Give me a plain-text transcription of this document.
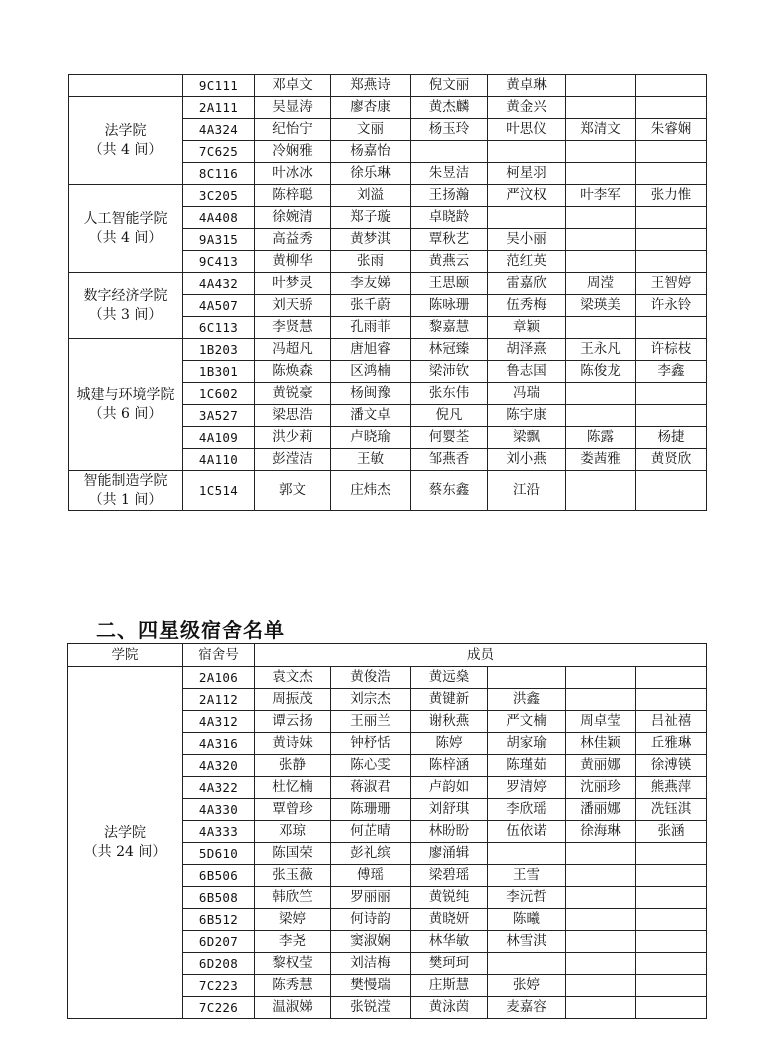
	9C111	邓卓文	郑燕诗	倪文丽	黄卓琳		

法学院
（共 4 间）	2A111	吴显涛	廖杏康	黄杰麟	黄金兴		
	4A324	纪怡宁	文丽	杨玉玲	叶思仪	郑清文	朱睿娴
	7C625	冷娴雅	杨嘉怡				
	8C116	叶冰冰	徐乐琳	朱昱洁	柯星羽		

人工智能学院
（共 4 间）	3C205	陈梓聪	刘溢	王扬瀚	严汶权	叶李军	张力惟
	4A408	徐婉清	郑子璇	卓晓龄			
	9A315	高益秀	黄梦淇	覃秋艺	吴小丽		
	9C413	黄柳华	张雨	黄燕云	范红英		

数字经济学院
（共 3 间）	4A432	叶梦灵	李友娣	王思颐	雷嘉欣	周滢	王智婷
	4A507	刘天骄	张千蔚	陈咏珊	伍秀梅	梁瑛美	许永铃
	6C113	李贤慧	孔雨菲	黎嘉慧	章颖		

城建与环境学院
（共 6 间）	1B203	冯超凡	唐旭睿	林冠臻	胡泽熹	王永凡	许棕枝
	1B301	陈焕森	区鸿楠	梁沛钦	鲁志国	陈俊龙	李鑫
	1C602	黄锐豪	杨闽豫	张东伟	冯瑞		
	3A527	梁思浩	潘文卓	倪凡	陈宇康		
	4A109	洪少莉	卢晓瑜	何婴荃	梁飘	陈露	杨捷
	4A110	彭滢洁	王敏	邹燕香	刘小燕	娄茜雅	黄贤欣

智能制造学院
（共 1 间）	1C514	郭文	庄炜杰	蔡东鑫	江沿		
二、四星级宿舍名单
学院	宿舍号	成员					

法学院
（共 24 间）	2A106	袁文杰	黄俊浩	黄远燊			
	2A112	周振茂	刘宗杰	黄键新	洪鑫		
	4A312	谭云扬	王丽兰	谢秋燕	严文楠	周卓莹	吕祉禧
	4A316	黄诗妹	钟杼恬	陈婷	胡家瑜	林佳颖	丘雅琳
	4A320	张静	陈心雯	陈梓涵	陈瑾茹	黄丽娜	徐溥锳
	4A322	杜忆楠	蒋淑君	卢韵如	罗清婷	沈丽珍	熊燕萍
	4A330	覃曾珍	陈珊珊	刘舒琪	李欣瑶	潘丽娜	冼钰淇
	4A333	邓琼	何芷晴	林盼盼	伍依诺	徐海琳	张涵
	5D610	陈国荣	彭礼缤	廖涌辑			
	6B506	张玉薇	傅瑶	梁碧瑶	王雪		
	6B508	韩欣竺	罗丽丽	黄锐纯	李沅哲		
	6B512	梁婷	何诗韵	黄晓妍	陈曦		
	6D207	李尧	窦淑娴	林华敏	林雪淇		
	6D208	黎权莹	刘洁梅	樊珂珂			
	7C223	陈秀慧	樊慢瑞	庄斯慧	张婷		
	7C226	温淑娣	张锐滢	黄泳茵	麦嘉容		
